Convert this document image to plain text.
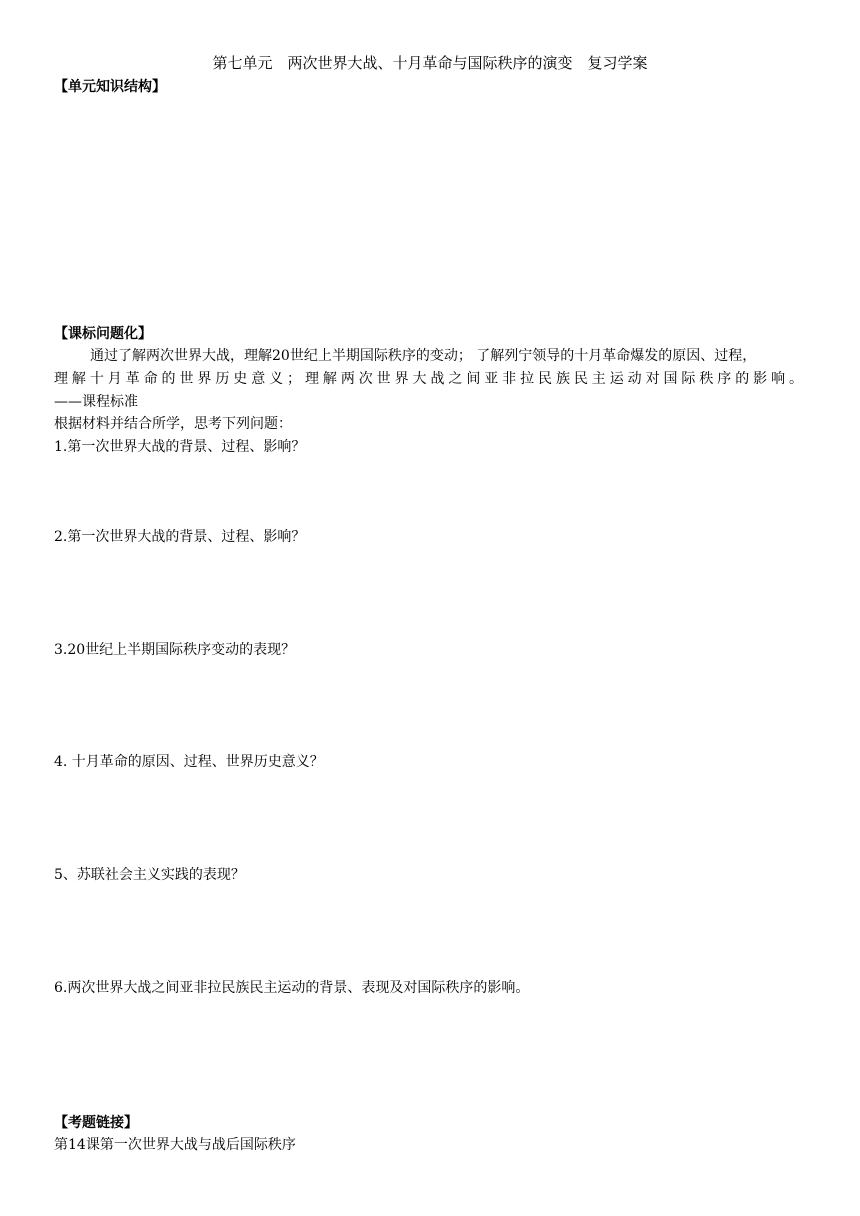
第七单元　两次世界大战、十月革命与国际秩序的演变　复习学案
【单元知识结构】
【课标问题化】
通过了解两次世界大战，理解20世纪上半期国际秩序的变动； 了解列宁领导的十月革命爆发的原因、过程，
理解十月革命的世界历史意义；理解两次世界大战之间亚非拉民族民主运动对国际秩序的影响。
——课程标准
根据材料并结合所学，思考下列问题：
1.第一次世界大战的背景、过程、影响？
2.第一次世界大战的背景、过程、影响？
3.20世纪上半期国际秩序变动的表现？
4. 十月革命的原因、过程、世界历史意义？
5、苏联社会主义实践的表现？
6.两次世界大战之间亚非拉民族民主运动的背景、表现及对国际秩序的影响。
【考题链接】
第14课第一次世界大战与战后国际秩序
